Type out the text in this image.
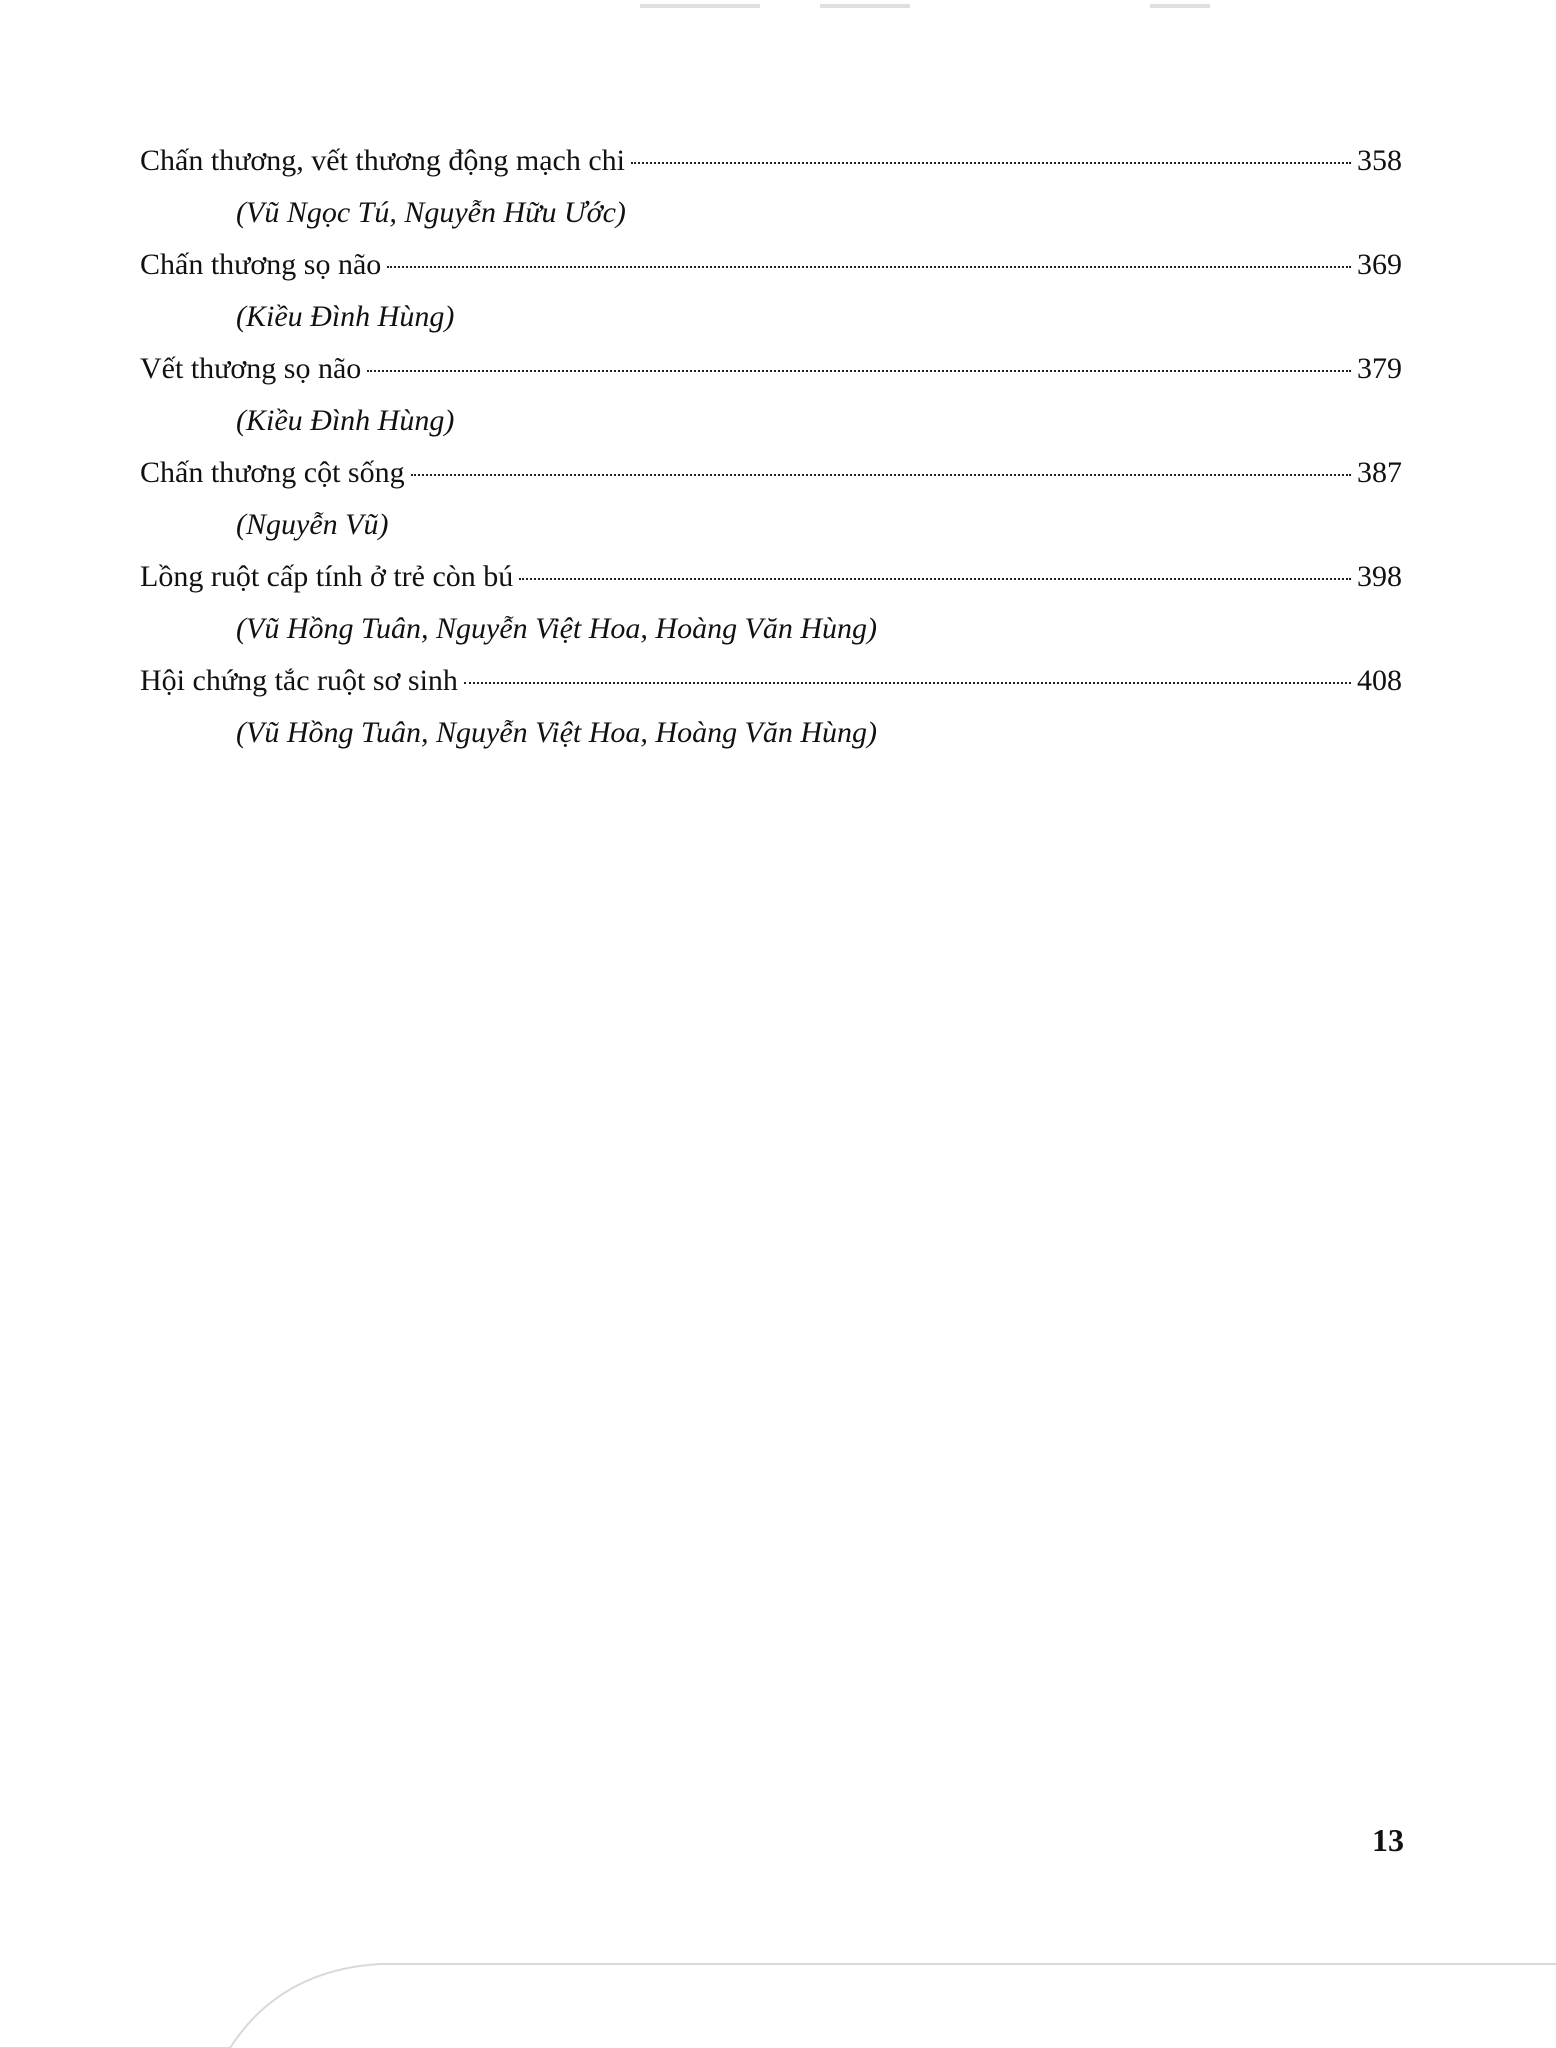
Chấn thương, vết thương động mạch chi	358
(Vũ Ngọc Tú, Nguyễn Hữu Ước)
Chấn thương sọ não	369
(Kiều Đình Hùng)
Vết thương sọ não	379
(Kiều Đình Hùng)
Chấn thương cột sống	387
(Nguyễn Vũ)
Lồng ruột cấp tính ở trẻ còn bú	398
(Vũ Hồng Tuân, Nguyễn Việt Hoa, Hoàng Văn Hùng)
Hội chứng tắc ruột sơ sinh	408
(Vũ Hồng Tuân, Nguyễn Việt Hoa, Hoàng Văn Hùng)
13
